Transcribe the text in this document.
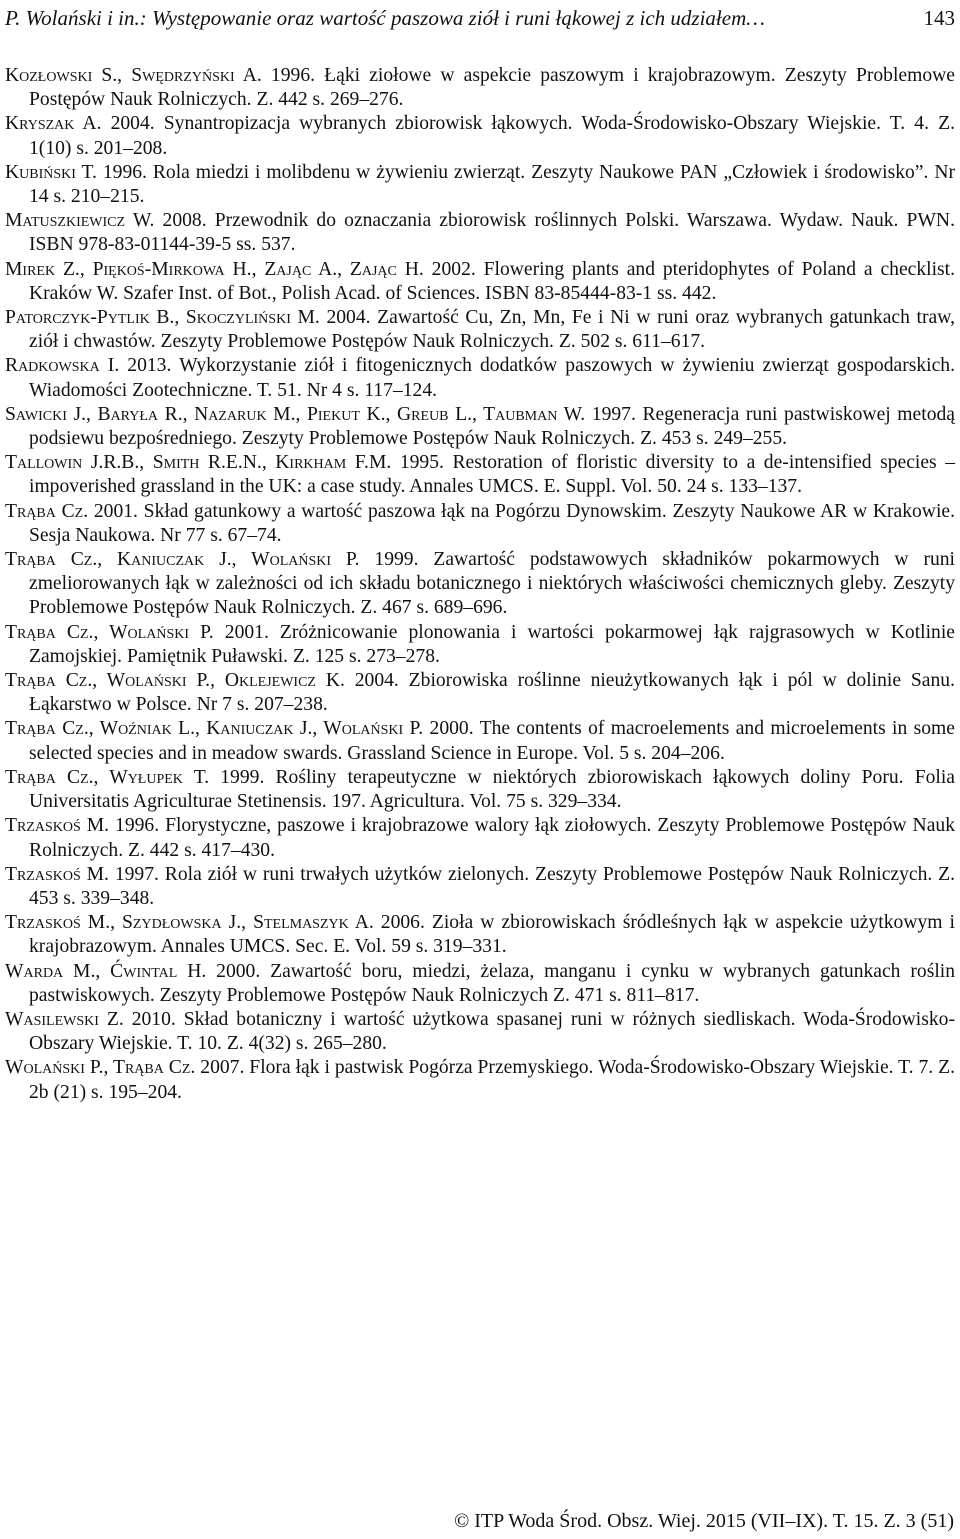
P. Wolański i in.: Występowanie oraz wartość paszowa ziół i runi łąkowej z ich udziałem…	143

Kozłowski S., Swędrzyński A. 1996. Łąki ziołowe w aspekcie paszowym i krajobrazowym. Zeszyty Problemowe Postępów Nauk Rolniczych. Z. 442 s. 269–276.

Kryszak A. 2004. Synantropizacja wybranych zbiorowisk łąkowych. Woda-Środowisko-Obszary Wiejskie. T. 4. Z. 1(10) s. 201–208.

Kubiński T. 1996. Rola miedzi i molibdenu w żywieniu zwierząt. Zeszyty Naukowe PAN „Człowiek i środowisko”. Nr 14 s. 210–215.

Matuszkiewicz W. 2008. Przewodnik do oznaczania zbiorowisk roślinnych Polski. Warszawa. Wydaw. Nauk. PWN. ISBN 978-83-01144-39-5 ss. 537.

Mirek Z., Piękoś-Mirkowa H., Zając A., Zając H. 2002. Flowering plants and pteridophytes of Poland a checklist. Kraków W. Szafer Inst. of Bot., Polish Acad. of Sciences. ISBN 83-85444-83-1 ss. 442.

Patorczyk-Pytlik B., Skoczyliński M. 2004. Zawartość Cu, Zn, Mn, Fe i Ni w runi oraz wybranych gatunkach traw, ziół i chwastów. Zeszyty Problemowe Postępów Nauk Rolniczych. Z. 502 s. 611–617.

Radkowska I. 2013. Wykorzystanie ziół i fitogenicznych dodatków paszowych w żywieniu zwierząt gospodarskich. Wiadomości Zootechniczne. T. 51. Nr 4 s. 117–124.

Sawicki J., Baryła R., Nazaruk M., Piekut K., Greub L., Taubman W. 1997. Regeneracja runi pastwiskowej metodą podsiewu bezpośredniego. Zeszyty Problemowe Postępów Nauk Rolniczych. Z. 453 s. 249–255.

Tallowin J.R.B., Smith R.E.N., Kirkham F.M. 1995. Restoration of floristic diversity to a de-intensified species – impoverished grassland in the UK: a case study. Annales UMCS. E. Suppl. Vol. 50. 24 s. 133–137.

Trąba Cz. 2001. Skład gatunkowy a wartość paszowa łąk na Pogórzu Dynowskim. Zeszyty Naukowe AR w Krakowie. Sesja Naukowa. Nr 77 s. 67–74.

Trąba Cz., Kaniuczak J., Wolański P. 1999. Zawartość podstawowych składników pokarmowych w runi zmeliorowanych łąk w zależności od ich składu botanicznego i niektórych właściwości chemicznych gleby. Zeszyty Problemowe Postępów Nauk Rolniczych. Z. 467 s. 689–696.

Trąba Cz., Wolański P. 2001. Zróżnicowanie plonowania i wartości pokarmowej łąk rajgrasowych w Kotlinie Zamojskiej. Pamiętnik Puławski. Z. 125 s. 273–278.

Trąba Cz., Wolański P., Oklejewicz K. 2004. Zbiorowiska roślinne nieużytkowanych łąk i pól w dolinie Sanu. Łąkarstwo w Polsce. Nr 7 s. 207–238.

Trąba Cz., Woźniak L., Kaniuczak J., Wolański P. 2000. The contents of macroelements and microelements in some selected species and in meadow swards. Grassland Science in Europe. Vol. 5 s. 204–206.

Trąba Cz., Wyłupek T. 1999. Rośliny terapeutyczne w niektórych zbiorowiskach łąkowych doliny Poru. Folia Universitatis Agriculturae Stetinensis. 197. Agricultura. Vol. 75 s. 329–334.

Trzaskoś M. 1996. Florystyczne, paszowe i krajobrazowe walory łąk ziołowych. Zeszyty Problemowe Postępów Nauk Rolniczych. Z. 442 s. 417–430.

Trzaskoś M. 1997. Rola ziół w runi trwałych użytków zielonych. Zeszyty Problemowe Postępów Nauk Rolniczych. Z. 453 s. 339–348.

Trzaskoś M., Szydłowska J., Stelmaszyk A. 2006. Zioła w zbiorowiskach śródleśnych łąk w aspekcie użytkowym i krajobrazowym. Annales UMCS. Sec. E. Vol. 59 s. 319–331.

Warda M., Ćwintal H. 2000. Zawartość boru, miedzi, żelaza, manganu i cynku w wybranych gatunkach roślin pastwiskowych. Zeszyty Problemowe Postępów Nauk Rolniczych Z. 471 s. 811–817.

Wasilewski Z. 2010. Skład botaniczny i wartość użytkowa spasanej runi w różnych siedliskach. Woda-Środowisko-Obszary Wiejskie. T. 10. Z. 4(32) s. 265–280.

Wolański P., Trąba Cz. 2007. Flora łąk i pastwisk Pogórza Przemyskiego. Woda-Środowisko-Obszary Wiejskie. T. 7. Z. 2b (21) s. 195–204.

© ITP Woda Środ. Obsz. Wiej. 2015 (VII–IX). T. 15. Z. 3 (51)
